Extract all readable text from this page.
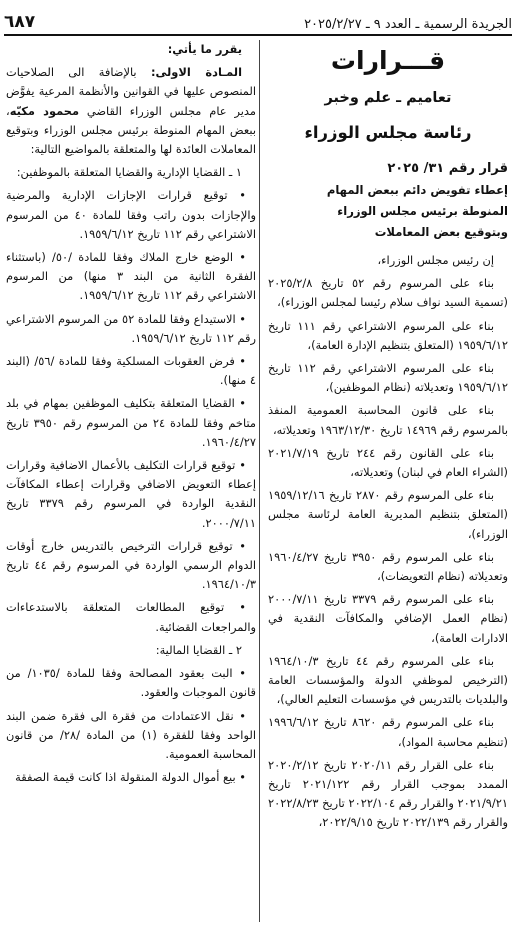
الجريدة الرسمية ـ العدد ٩ ـ ٢٠٢٥/٢/٢٧
٦٨٧
قـــرارات
تعاميم ـ علم وخبر
رئاسة مجلس الوزراء

قرار رقم ٣١/ ٢٠٢٥

إعطاء تفويض دائم ببعض المهام
المنوطة برئيس مجلس الوزراء
وبتوقيع بعض المعاملات

إن رئيس مجلس الوزراء،

بناء على المرسوم رقم ٥٢ تاريخ ٢٠٢٥/٢/٨ (تسمية السيد نواف سلام رئيسا لمجلس الوزراء)،

بناء على المرسوم الاشتراعي رقم ١١١ تاريخ ١٩٥٩/٦/١٢ (المتعلق بتنظيم الإدارة العامة)،

بناء على المرسوم الاشتراعي رقم ١١٢ تاريخ ١٩٥٩/٦/١٢ وتعديلاته (نظام الموظفين)،

بناء على قانون المحاسبة العمومية المنفذ بالمرسوم رقم ١٤٩٦٩ تاريخ ١٩٦٣/١٢/٣٠ وتعديلاته،

بناء على القانون رقم ٢٤٤ تاريخ ٢٠٢١/٧/١٩ (الشراء العام في لبنان) وتعديلاته،

بناء على المرسوم رقم ٢٨٧٠ تاريخ ١٩٥٩/١٢/١٦ (المتعلق بتنظيم المديرية العامة لرئاسة مجلس الوزراء)،

بناء على المرسوم رقم ٣٩٥٠ تاريخ ١٩٦٠/٤/٢٧ وتعديلاته (نظام التعويضات)،

بناء على المرسوم رقم ٣٣٧٩ تاريخ ٢٠٠٠/٧/١١ (نظام العمل الإضافي والمكافآت النقدية في الادارات العامة)،

بناء على المرسوم رقم ٤٤ تاريخ ١٩٦٤/١٠/٣ (الترخيص لموظفي الدولة والمؤسسات العامة والبلديات بالتدريس في مؤسسات التعليم العالي)،

بناء على المرسوم رقم ٨٦٢٠ تاريخ ١٩٩٦/٦/١٢ (تنظيم محاسبة المواد)،

بناء على القرار رقم ٢٠٢٠/١١ تاريخ ٢٠٢٠/٢/١٢ الممدد بموجب القرار رقم ٢٠٢١/١٢٢ تاريخ ٢٠٢١/٩/٢١ والقرار رقم ٢٠٢٢/١٠٤ تاريخ ٢٠٢٢/٨/٢٣ والقرار رقم ٢٠٢٢/١٣٩ تاريخ ٢٠٢٢/٩/١٥،

يقرر ما يأتي:

المـادة الاولى: بالإضافة الى الصلاحيات المنصوص عليها في القوانين والأنظمة المرعية يفوَّض مدير عام مجلس الوزراء القاضي محمود مكيّه، ببعض المهام المنوطة برئيس مجلس الوزراء وبتوقيع المعاملات العائدة لها والمتعلقة بالمواضيع التالية:

١ ـ القضايا الإدارية والقضايا المتعلقة بالموظفين:

• توقيع قرارات الإجازات الإدارية والمرضية والإجازات بدون راتب وفقا للمادة ٤٠ من المرسوم الاشتراعي رقم ١١٢ تاريخ ١٩٥٩/٦/١٢.

• الوضع خارج الملاك وفقا للمادة /٥٠/ (باستثناء الفقرة الثانية من البند ٣ منها) من المرسوم الاشتراعي رقم ١١٢ تاريخ ١٩٥٩/٦/١٢.

• الاستيداع وفقا للمادة ٥٢ من المرسوم الاشتراعي رقم ١١٢ تاريخ ١٩٥٩/٦/١٢.

• فرض العقوبات المسلكية وفقا للمادة /٥٦/ (البند ٤ منها).

• القضايا المتعلقة بتكليف الموظفين بمهام في بلد متاخم وفقا للمادة ٢٤ من المرسوم رقم ٣٩٥٠ تاريخ ١٩٦٠/٤/٢٧.

• توقيع قرارات التكليف بالأعمال الاضافية وقرارات إعطاء التعويض الاضافي وقرارات إعطاء المكافآت النقدية الواردة في المرسوم رقم ٣٣٧٩ تاريخ ٢٠٠٠/٧/١١.

• توقيع قرارات الترخيص بالتدريس خارج أوقات الدوام الرسمي الواردة في المرسوم رقم ٤٤ تاريخ ١٩٦٤/١٠/٣.

• توقيع المطالعات المتعلقة بالاستدعاءات والمراجعات القضائية.

٢ ـ القضايا المالية:

• البت بعقود المصالحة وفقا للمادة /١٠٣٥/ من قانون الموجبات والعقود.

• نقل الاعتمادات من فقرة الى فقرة ضمن البند الواحد وفقا للفقرة (١) من المادة /٢٨/ من قانون المحاسبة العمومية.

• بيع أموال الدولة المنقولة اذا كانت قيمة الصفقة
